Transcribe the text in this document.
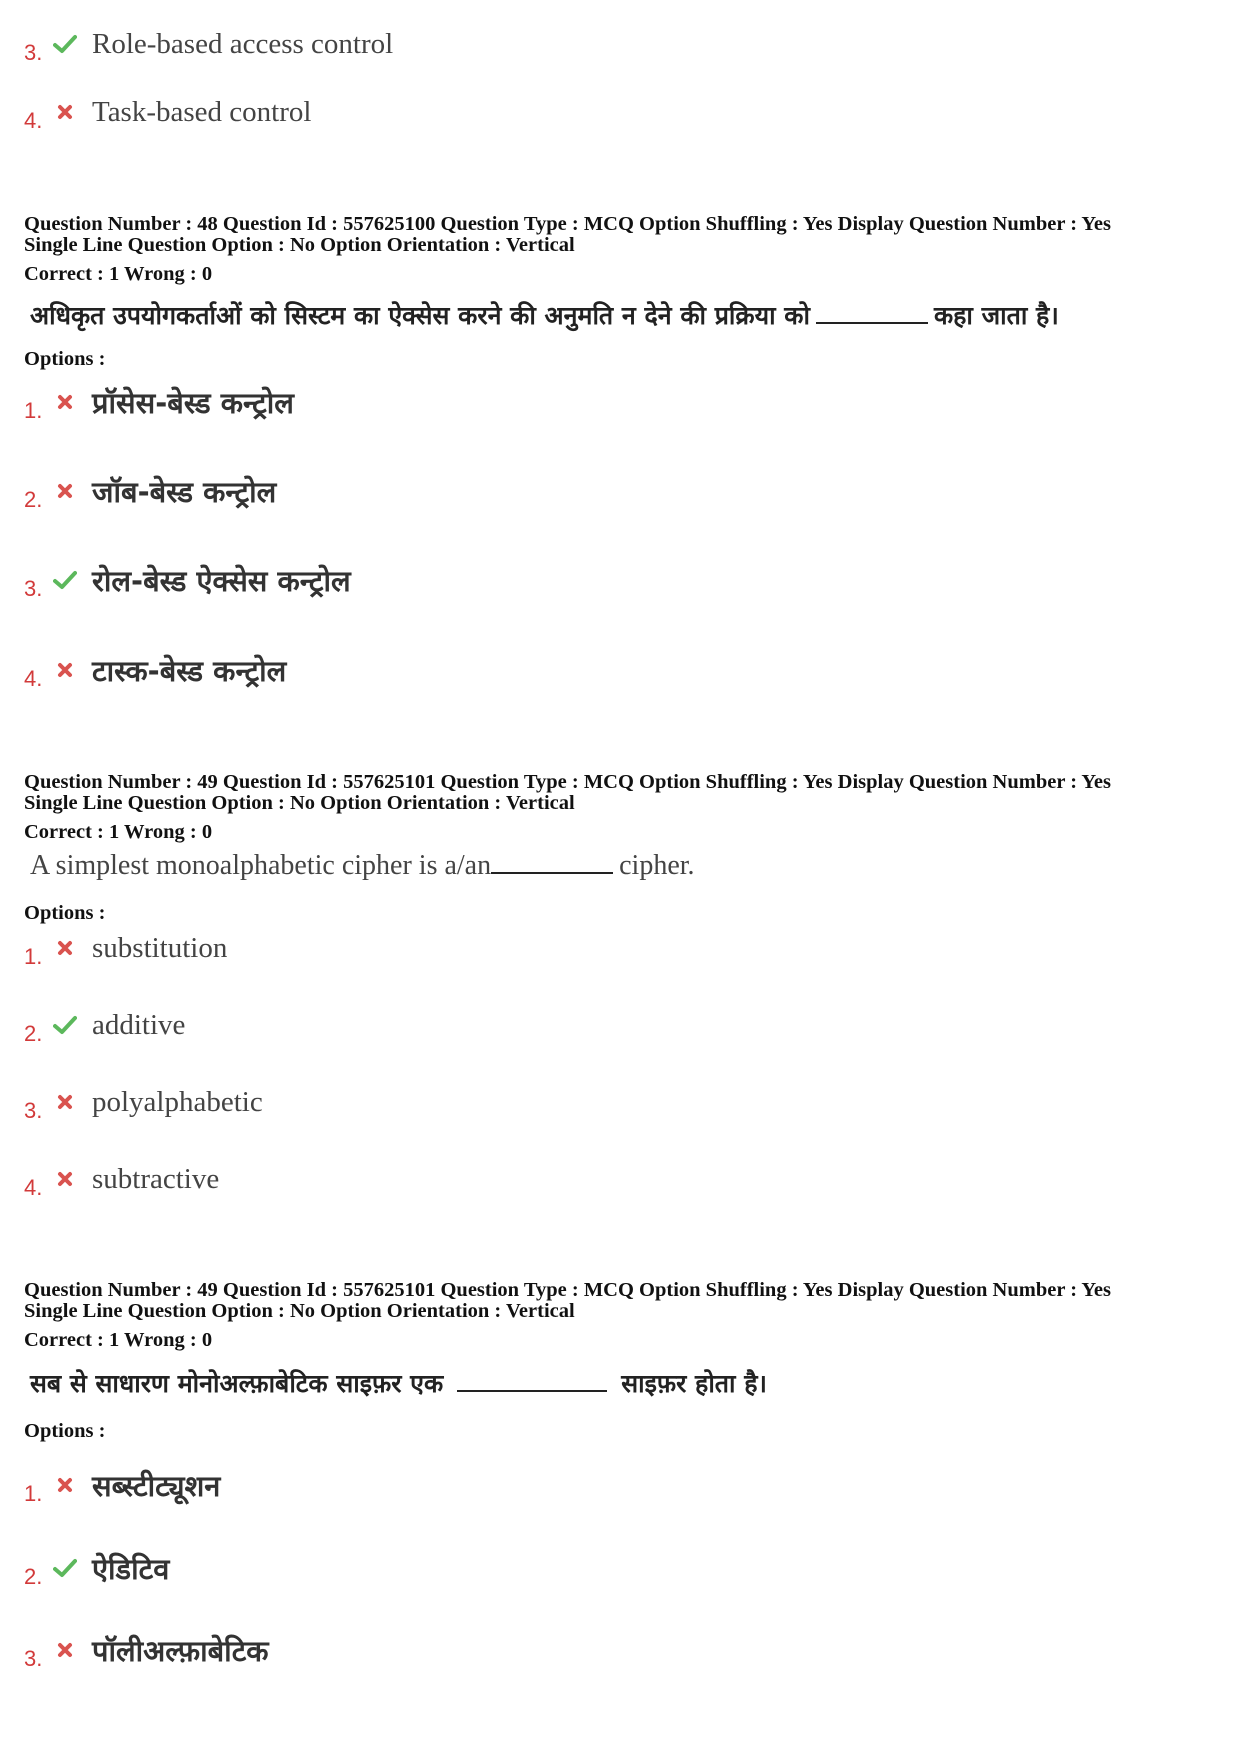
3. Role-based access control
4. Task-based control
Question Number : 48 Question Id : 557625100 Question Type : MCQ Option Shuffling : Yes Display Question Number : Yes
Single Line Question Option : No Option Orientation : Vertical
Correct : 1 Wrong : 0
अधिकृत उपयोगकर्ताओं को सिस्टम का ऐक्सेस करने की अनुमति न देने की प्रक्रिया को	कहा जाता है।
Options :
1. प्रॉसेस-बेस्ड कन्ट्रोल
2. जॉब-बेस्ड कन्ट्रोल
3. रोल-बेस्ड ऐक्सेस कन्ट्रोल
4. टास्क-बेस्ड कन्ट्रोल
Question Number : 49 Question Id : 557625101 Question Type : MCQ Option Shuffling : Yes Display Question Number : Yes
Single Line Question Option : No Option Orientation : Vertical
Correct : 1 Wrong : 0
A simplest monoalphabetic cipher is a/an	cipher.
Options :
1. substitution
2. additive
3. polyalphabetic
4. subtractive
Question Number : 49 Question Id : 557625101 Question Type : MCQ Option Shuffling : Yes Display Question Number : Yes
Single Line Question Option : No Option Orientation : Vertical
Correct : 1 Wrong : 0
सब से साधारण मोनोअल्फ़ाबेटिक साइफ़र एक	साइफ़र होता है।
Options :
1. सब्स्टीट्यूशन
2. ऐडिटिव
3. पॉलीअल्फ़ाबेटिक
